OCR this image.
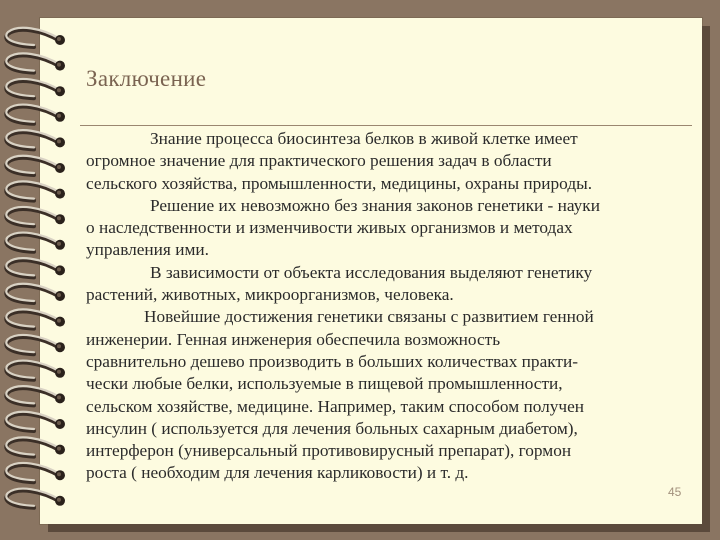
Заключение

Знание процесса биосинтеза белков в живой клетке имеет
огромное значение для практического решения задач в области
сельского хозяйства, промышленности, медицины, охраны природы.

Решение их невозможно без знания законов генетики - науки
о наследственности и изменчивости живых организмов и методах
управления ими.

В зависимости от объекта исследования выделяют генетику
растений, животных, микроорганизмов, человека.

Новейшие достижения генетики связаны с развитием генной
инженерии. Генная инженерия обеспечила возможность
сравнительно дешево производить в больших количествах практи-
чески любые белки, используемые в пищевой промышленности,
сельском хозяйстве, медицине. Например, таким способом получен
инсулин ( используется для лечения больных сахарным диабетом),
интерферон (универсальный противовирусный препарат), гормон
роста ( необходим для лечения карликовости) и т. д.

45
